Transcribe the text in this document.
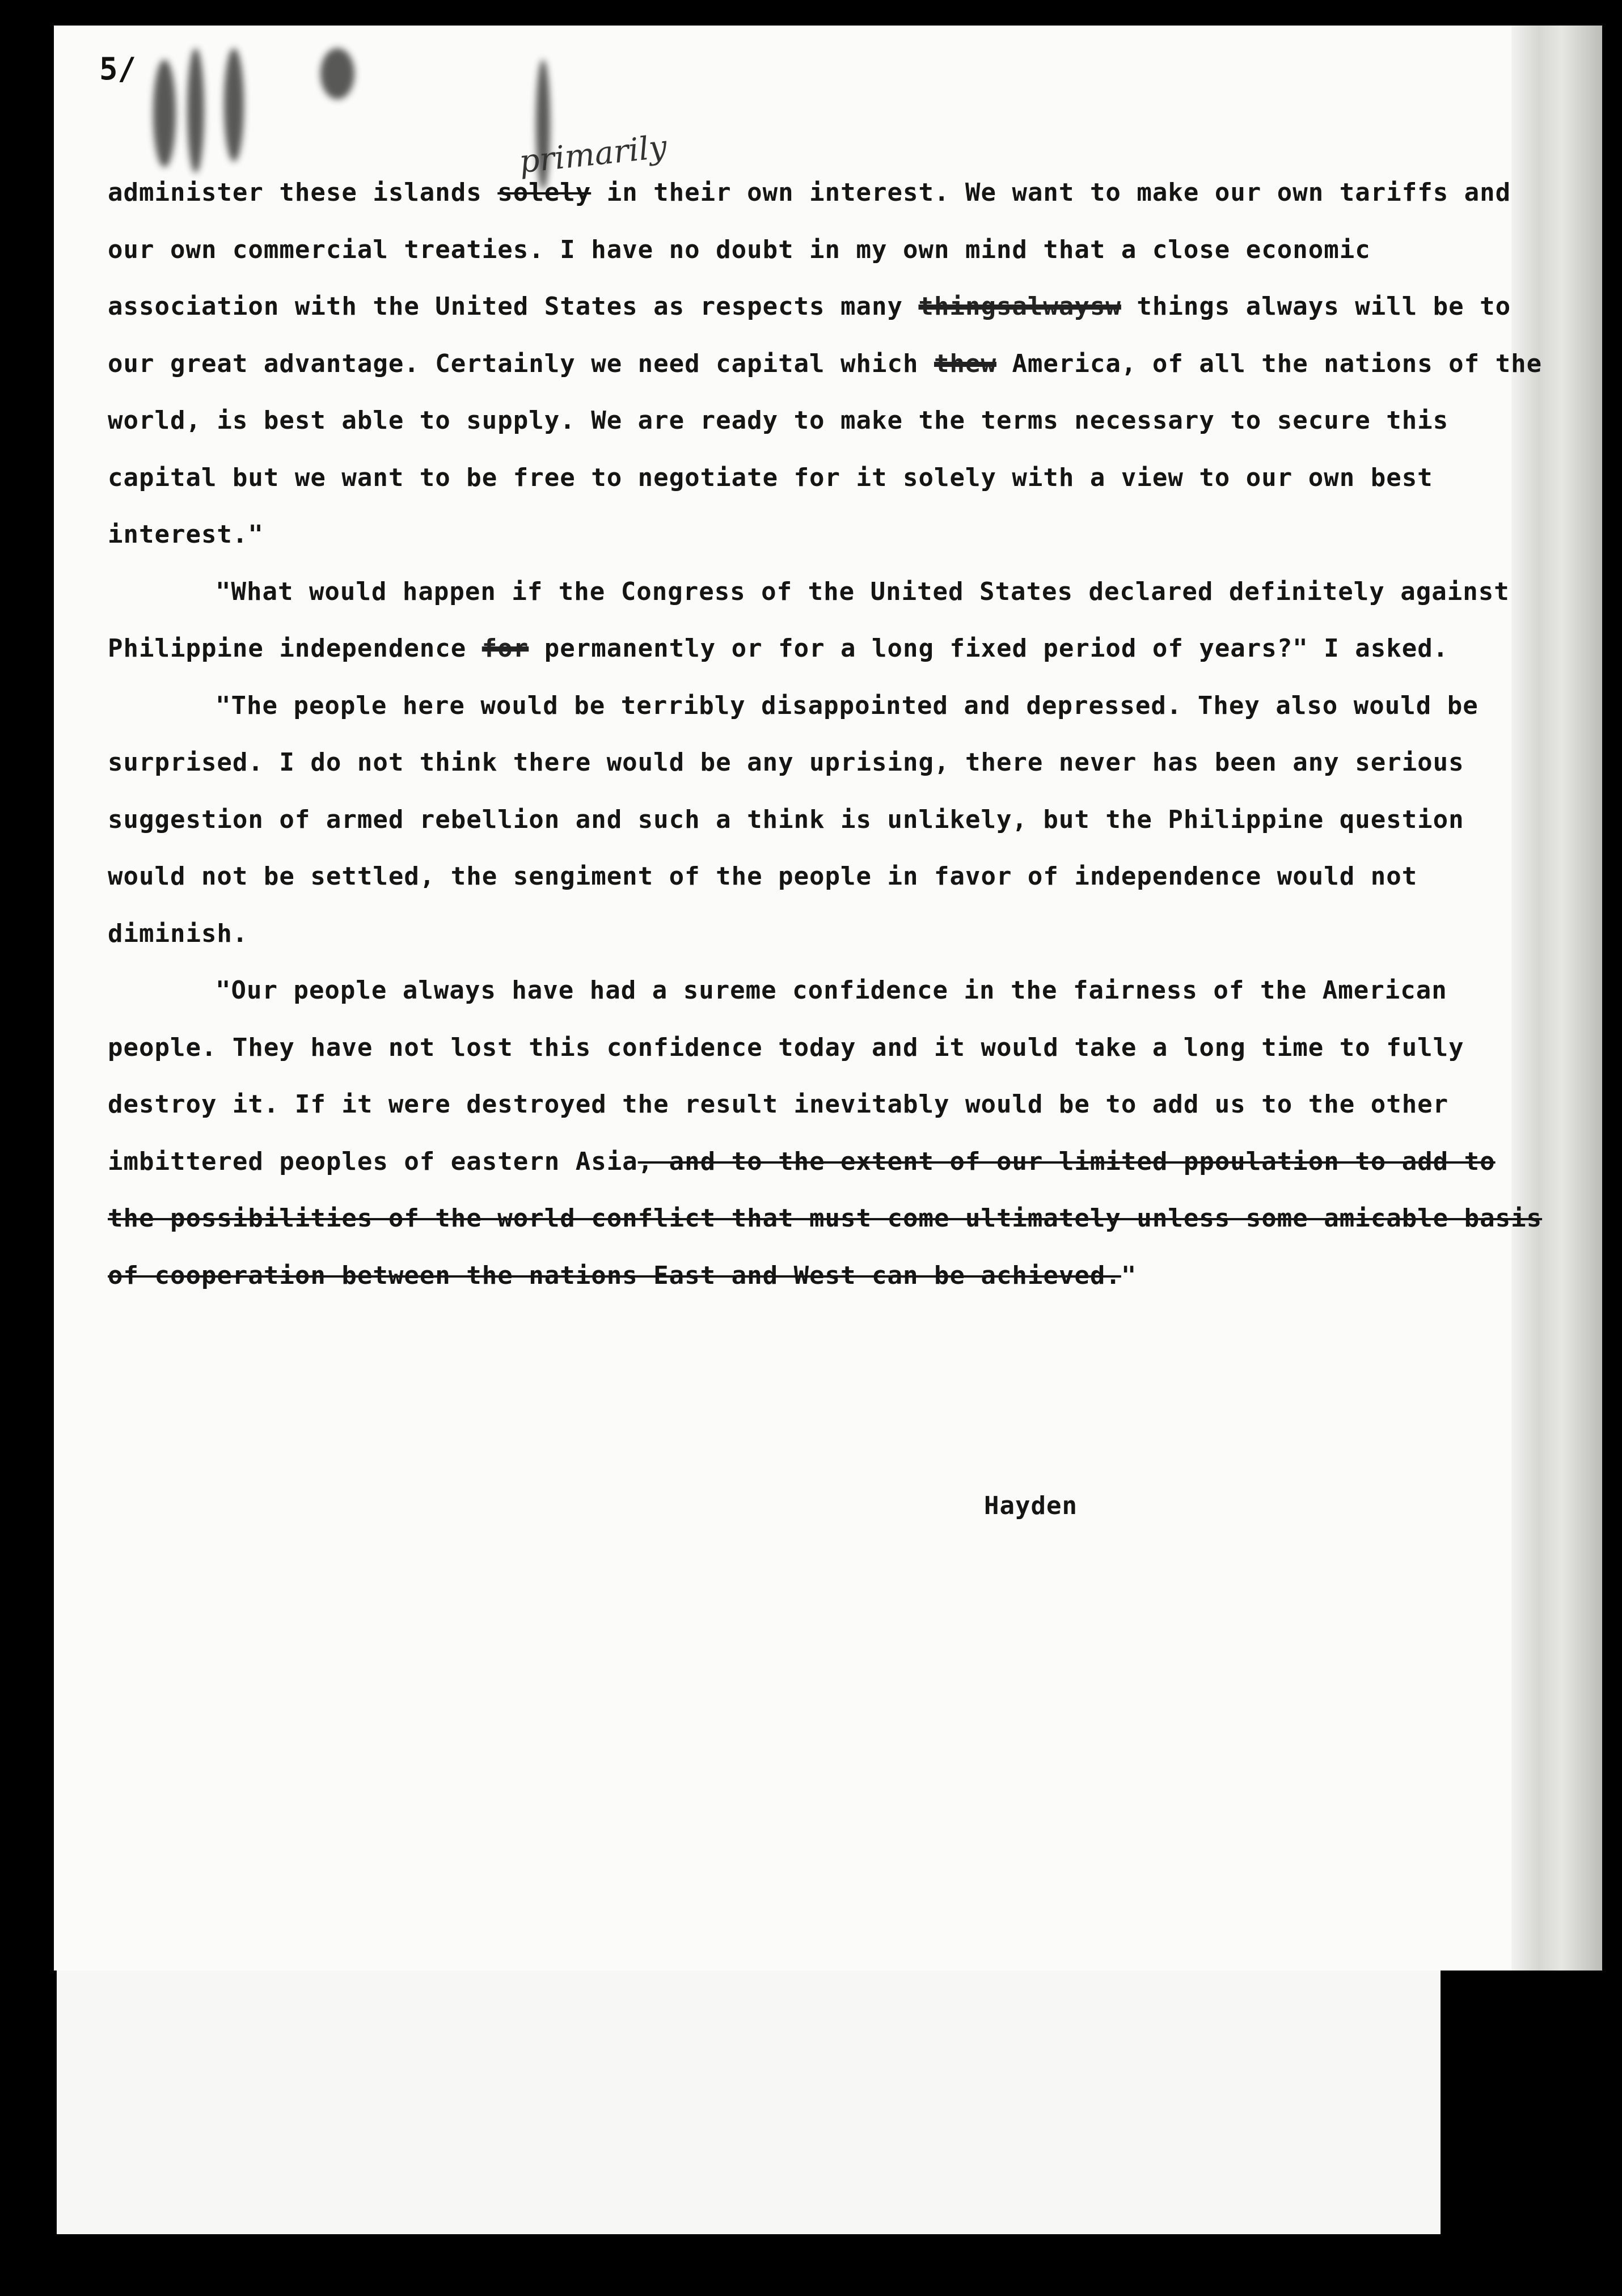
5/
primarily

administer these islands solely in their own interest. We want to make our own tariffs and our own commercial treaties. I have no doubt in my own mind that a close economic association with the United States as respects many thingsalwaysw things always will be to our great advantage. Certainly we need capital which thew America, of all the nations of the world, is best able to supply. We are ready to make the terms necessary to secure this capital but we want to be free to negotiate for it solely with a view to our own best interest."

"What would happen if the Congress of the United States declared definitely against Philippine independence for permanently or for a long fixed period of years?" I asked.

"The people here would be terribly disappointed and depressed. They also would be surprised. I do not think there would be any uprising, there never has been any serious suggestion of armed rebellion and such a think is unlikely, but the Philippine question would not be settled, the sengiment of the people in favor of independence would not diminish.

"Our people always have had a sureme confidence in the fairness of the American people. They have not lost this confidence today and it would take a long time to fully destroy it. If it were destroyed the result inevitably would be to add us to the other imbittered peoples of eastern Asia, and to the extent of our limited ppoulation to add to the possibilities of the world conflict that must come ultimately unless some amicable basis of cooperation between the nations East and West can be achieved."

Hayden
